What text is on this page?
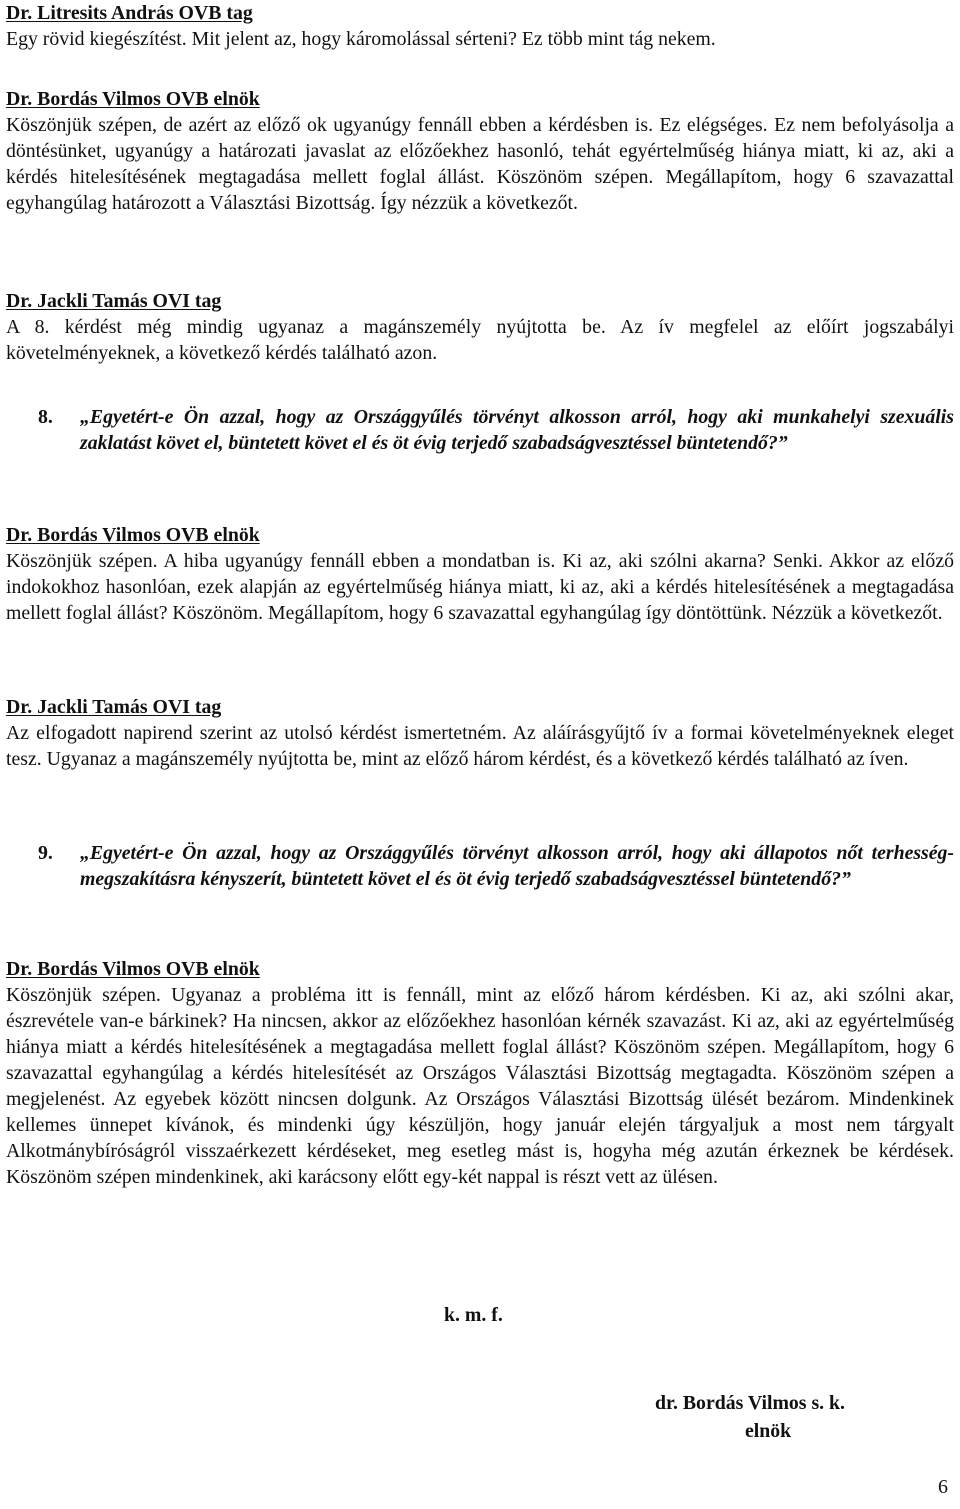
Dr. Litresits András OVB tag
Egy rövid kiegészítést. Mit jelent az, hogy káromolással sérteni? Ez több mint tág nekem.
Dr. Bordás Vilmos OVB elnök
Köszönjük szépen, de azért az előző ok ugyanúgy fennáll ebben a kérdésben is. Ez elégséges. Ez nem befolyásolja a döntésünket, ugyanúgy a határozati javaslat az előzőekhez hasonló, tehát egyértelműség hiánya miatt, ki az, aki a kérdés hitelesítésének megtagadása mellett foglal állást. Köszönöm szépen. Megállapítom, hogy 6 szavazattal egyhangúlag határozott a Választási Bizottság. Így nézzük a következőt.
Dr. Jackli Tamás OVI tag
A 8. kérdést még mindig ugyanaz a magánszemély nyújtotta be. Az ív megfelel az előírt jogszabályi követelményeknek, a következő kérdés található azon.
8.	„Egyetért-e Ön azzal, hogy az Országgyűlés törvényt alkosson arról, hogy aki munkahelyi szexuális zaklatást követ el, büntetett követ el és öt évig terjedő szabadságvesztéssel büntetendő?”
Dr. Bordás Vilmos OVB elnök
Köszönjük szépen. A hiba ugyanúgy fennáll ebben a mondatban is. Ki az, aki szólni akarna? Senki. Akkor az előző indokokhoz hasonlóan, ezek alapján az egyértelműség hiánya miatt, ki az, aki a kérdés hitelesítésének a megtagadása mellett foglal állást? Köszönöm. Megállapítom, hogy 6 szavazattal egyhangúlag így döntöttünk. Nézzük a következőt.
Dr. Jackli Tamás OVI tag
Az elfogadott napirend szerint az utolsó kérdést ismertetném. Az aláírásgyűjtő ív a formai követelményeknek eleget tesz. Ugyanaz a magánszemély nyújtotta be, mint az előző három kérdést, és a következő kérdés található az íven.
9.	„Egyetért-e Ön azzal, hogy az Országgyűlés törvényt alkosson arról, hogy aki állapotos nőt terhesség-megszakításra kényszerít, büntetett követ el és öt évig terjedő szabadságvesztéssel büntetendő?”
Dr. Bordás Vilmos OVB elnök
Köszönjük szépen. Ugyanaz a probléma itt is fennáll, mint az előző három kérdésben. Ki az, aki szólni akar, észrevétele van-e bárkinek? Ha nincsen, akkor az előzőekhez hasonlóan kérnék szavazást. Ki az, aki az egyértelműség hiánya miatt a kérdés hitelesítésének a megtagadása mellett foglal állást? Köszönöm szépen. Megállapítom, hogy 6 szavazattal egyhangúlag a kérdés hitelesítését az Országos Választási Bizottság megtagadta. Köszönöm szépen a megjelenést. Az egyebek között nincsen dolgunk. Az Országos Választási Bizottság ülését bezárom. Mindenkinek kellemes ünnepet kívánok, és mindenki úgy készüljön, hogy január elején tárgyaljuk a most nem tárgyalt Alkotmánybíróságról visszaérkezett kérdéseket, meg esetleg mást is, hogyha még azután érkeznek be kérdések. Köszönöm szépen mindenkinek, aki karácsony előtt egy-két nappal is részt vett az ülésen.
k. m. f.
dr. Bordás Vilmos s. k.
elnök
6
